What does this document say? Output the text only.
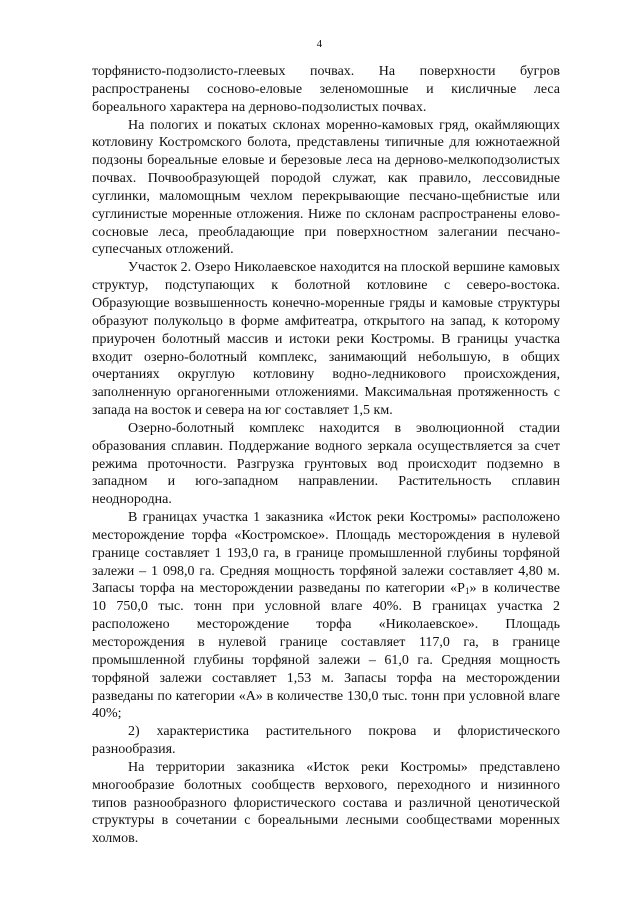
4

торфянисто-подзолисто-глеевых почвах. На поверхности бугров распространены сосново-еловые зеленомошные и кисличные леса бореального характера на дерново-подзолистых почвах.

На пологих и покатых склонах моренно-камовых гряд, окаймляющих котловину Костромского болота, представлены типичные для южнотаежной подзоны бореальные еловые и березовые леса на дерново-мелкоподзолистых почвах. Почвообразующей породой служат, как правило, лессовидные суглинки, маломощным чехлом перекрывающие песчано-щебнистые или суглинистые моренные отложения. Ниже по склонам распространены елово-сосновые леса, преобладающие при поверхностном залегании песчано-супесчаных отложений.

Участок 2. Озеро Николаевское находится на плоской вершине камовых структур, подступающих к болотной котловине с северо-востока. Образующие возвышенность конечно-моренные гряды и камовые структуры образуют полукольцо в форме амфитеатра, открытого на запад, к которому приурочен болотный массив и истоки реки Костромы. В границы участка входит озерно-болотный комплекс, занимающий небольшую, в общих очертаниях округлую котловину водно-ледникового происхождения, заполненную органогенными отложениями. Максимальная протяженность с запада на восток и севера на юг составляет 1,5 км.

Озерно-болотный комплекс находится в эволюционной стадии образования сплавин. Поддержание водного зеркала осуществляется за счет режима проточности. Разгрузка грунтовых вод происходит подземно в западном и юго-западном направлении. Растительность сплавин неоднородна.

В границах участка 1 заказника «Исток реки Костромы» расположено месторождение торфа «Костромское». Площадь месторождения в нулевой границе составляет 1 193,0 га, в границе промышленной глубины торфяной залежи – 1 098,0 га. Средняя мощность торфяной залежи составляет 4,80 м. Запасы торфа на месторождении разведаны по категории «$Р_1$» в количестве 10 750,0 тыс. тонн при условной влаге 40%. В границах участка 2 расположено месторождение торфа «Николаевское». Площадь месторождения в нулевой границе составляет 117,0 га, в границе промышленной глубины торфяной залежи – 61,0 га. Средняя мощность торфяной залежи составляет 1,53 м. Запасы торфа на месторождении разведаны по категории «А» в количестве 130,0 тыс. тонн при условной влаге 40%;

2) характеристика растительного покрова и флористического разнообразия.

На территории заказника «Исток реки Костромы» представлено многообразие болотных сообществ верхового, переходного и низинного типов разнообразного флористического состава и различной ценотической структуры в сочетании с бореальными лесными сообществами моренных холмов.
